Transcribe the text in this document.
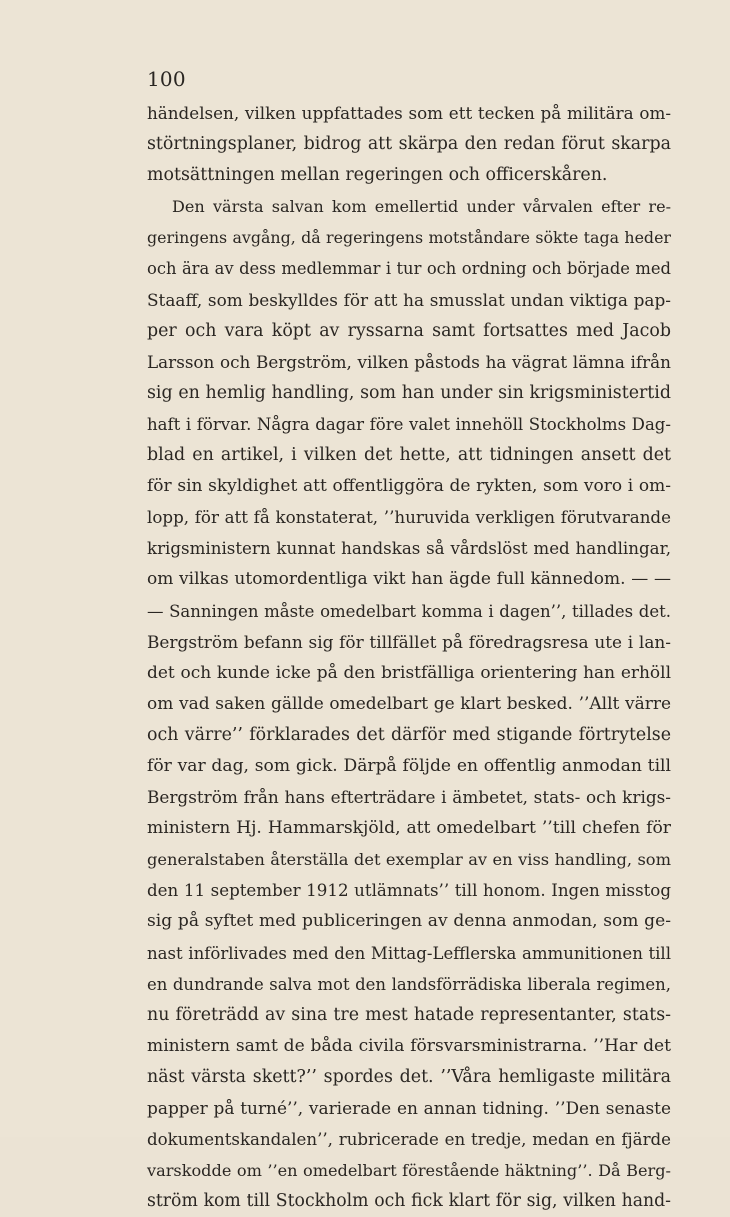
100
händelsen, vilken uppfattades som ett tecken på militära om-
störtningsplaner, bidrog att skärpa den redan förut skarpa
motsättningen mellan regeringen och officerskåren.
Den värsta salvan kom emellertid under vårvalen efter re-
geringens avgång, då regeringens motståndare sökte taga heder
och ära av dess medlemmar i tur och ordning och började med
Staaff, som beskylldes för att ha smusslat undan viktiga pap-
per och vara köpt av ryssarna samt fortsattes med Jacob
Larsson och Bergström, vilken påstods ha vägrat lämna ifrån
sig en hemlig handling, som han under sin krigsministertid
haft i förvar. Några dagar före valet innehöll Stockholms Dag-
blad en artikel, i vilken det hette, att tidningen ansett det
för sin skyldighet att offentliggöra de rykten, som voro i om-
lopp, för att få konstaterat, ’’huruvida verkligen förutvarande
krigsministern kunnat handskas så vårdslöst med handlingar,
om vilkas utomordentliga vikt han ägde full kännedom. — —
— Sanningen måste omedelbart komma i dagen’’, tillades det.
Bergström befann sig för tillfället på föredragsresa ute i lan-
det och kunde icke på den bristfälliga orientering han erhöll
om vad saken gällde omedelbart ge klart besked. ’’Allt värre
och värre’’ förklarades det därför med stigande förtrytelse
för var dag, som gick. Därpå följde en offentlig anmodan till
Bergström från hans efterträdare i ämbetet, stats- och krigs-
ministern Hj. Hammarskjöld, att omedelbart ’’till chefen för
generalstaben återställa det exemplar av en viss handling, som
den 11 september 1912 utlämnats’’ till honom. Ingen misstog
sig på syftet med publiceringen av denna anmodan, som ge-
nast införlivades med den Mittag-Lefflerska ammunitionen till
en dundrande salva mot den landsförrädiska liberala regimen,
nu företrädd av sina tre mest hatade representanter, stats-
ministern samt de båda civila försvarsministrarna. ’’Har det
näst värsta skett?’’ spordes det. ’’Våra hemligaste militära
papper på turné’’, varierade en annan tidning. ’’Den senaste
dokumentskandalen’’, rubricerade en tredje, medan en fjärde
varskodde om ’’en omedelbart förestående häktning’’. Då Berg-
ström kom till Stockholm och fick klart för sig, vilken hand-
